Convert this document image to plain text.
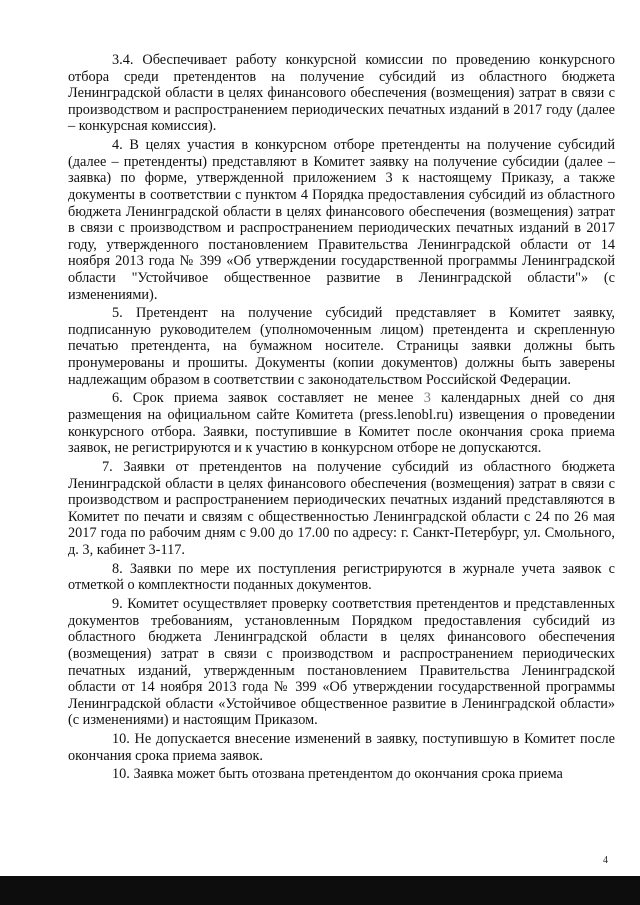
3.4. Обеспечивает работу конкурсной комиссии по проведению конкурсного отбора среди претендентов на получение субсидий из областного бюджета Ленинградской области в целях финансового обеспечения (возмещения) затрат в связи с производством и распространением периодических печатных изданий в 2017 году (далее – конкурсная комиссия).

4. В целях участия в конкурсном отборе претенденты на получение субсидий (далее – претенденты) представляют в Комитет заявку на получение субсидии (далее – заявка) по форме, утвержденной приложением 3 к настоящему Приказу, а также документы в соответствии с пунктом 4 Порядка предоставления субсидий из областного бюджета Ленинградской области в целях финансового обеспечения (возмещения) затрат в связи с производством и распространением периодических печатных изданий в 2017 году, утвержденного постановлением Правительства Ленинградской области от 14 ноября 2013 года № 399 «Об утверждении государственной программы Ленинградской области "Устойчивое общественное развитие в Ленинградской области"» (с изменениями).

5. Претендент на получение субсидий представляет в Комитет заявку, подписанную руководителем (уполномоченным лицом) претендента и скрепленную печатью претендента, на бумажном носителе. Страницы заявки должны быть пронумерованы и прошиты. Документы (копии документов) должны быть заверены надлежащим образом в соответствии с законодательством Российской Федерации.

6. Срок приема заявок составляет не менее 3 календарных дней со дня размещения на официальном сайте Комитета (press.lenobl.ru) извещения о проведении конкурсного отбора. Заявки, поступившие в Комитет после окончания срока приема заявок, не регистрируются и к участию в конкурсном отборе не допускаются.

7. Заявки от претендентов на получение субсидий из областного бюджета Ленинградской области в целях финансового обеспечения (возмещения) затрат в связи с производством и распространением периодических печатных изданий представляются в Комитет по печати и связям с общественностью Ленинградской области с 24 по 26 мая 2017 года по рабочим дням с 9.00 до 17.00 по адресу: г. Санкт-Петербург, ул. Смольного, д. 3, кабинет 3-117.

8. Заявки по мере их поступления регистрируются в журнале учета заявок с отметкой о комплектности поданных документов.

9. Комитет осуществляет проверку соответствия претендентов и представленных документов требованиям, установленным Порядком предоставления субсидий из областного бюджета Ленинградской области в целях финансового обеспечения (возмещения) затрат в связи с производством и распространением периодических печатных изданий, утвержденным постановлением Правительства Ленинградской области от 14 ноября 2013 года № 399 «Об утверждении государственной программы Ленинградской области «Устойчивое общественное развитие в Ленинградской области» (с изменениями) и настоящим Приказом.

10. Не допускается внесение изменений в заявку, поступившую в Комитет после окончания срока приема заявок.

10. Заявка может быть отозвана претендентом до окончания срока приема

4
